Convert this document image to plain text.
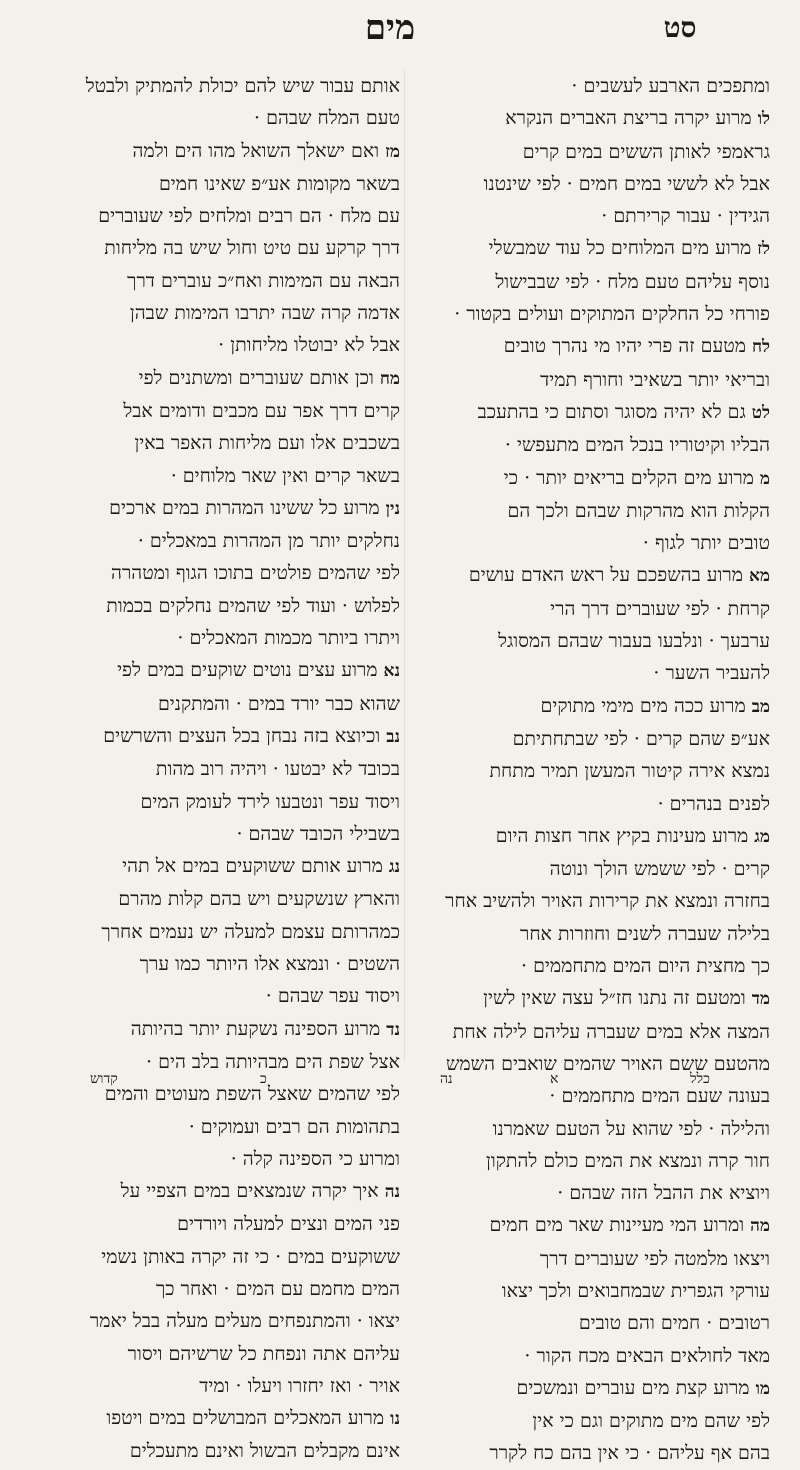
סט
מים

ומתפכים הארבע לעשבים ·

לומרוע יקרה בריצת האברים הנקרא

גראמפי לאותן הששים במים קרים

אבל לא לששי במים חמים · לפי שינטנו

הגידין · עבור קרירתם ·

לזמרוע מים המלוחים כל עוד שמבשלי

נוסף עליהם טעם מלח · לפי שבבישול

פורחי כל החלקים המתוקים ועולים בקטור ·

לחמטעם זה פרי יהיו מי נהרך טובים

ובריאי יותר בשאיבי וחורף תמיד

לטגם לא יהיה מסוגר וסתום כי בהתעכב

הבליו וקיטוריו בנכל המים מתעפשי ·

ממרוע מים הקלים בריאים יותר · כי

הקלות הוא מהרקות שבהם ולכך הם

טובים יותר לגוף ·

מאמרוע בהשפכם על ראש האדם עושים

קרחת · לפי שעוברים דרך הרי

ערבעך · ונלבעו בעבור שבהם המסוגל

להעביר השער ·

מבמרוע ככה מים מימי מתוקים

אע״פ שהם קרים · לפי שבתחתיתם

נמצא אירה קיטור המעשן תמיר מתחת

לפנים בנהרים ·

מגמרוע מעינות בקיץ אחר חצות היום

קרים · לפי ששמש הולך ונוטה

בחזרה ונמצא את קרירות האויר ולהשיב אחר

בלילה שעברה לשנים וחוזרות אחר

כך מחצית היום המים מתחממים ·

מדומטעם זה נתנו חז״ל עצה שאין לשין

המצה אלא במים שעברה עליהם לילה אחת

מהטעם ששם האויר שהמים שואבים השמש

בעונה שעם המים מתחממים ·

והלילה · לפי שהוא על הטעם שאמרנו

חור קרה ונמצא את המים כולם להתקון

ויוציא את ההבל הזה שבהם ·

מהומרוע המי מעיינות שאר מים חמים

ויצאו מלמטה לפי שעוברים דרך

עורקי הגפרית שבמחבואים ולכך יצאו

רטובים · חמים והם טובים

מאד לחולאים הבאים מכח הקור ·

מומרוע קצת מים עוברים ונמשכים

לפי שהם מים מתוקים וגם כי אין

בהם אף עליהם · כי אין בהם כח לקרר

אותם עבור שיש להם יכולת להמתיק ולבטל

טעם המלח שבהם ·

מזואם ישאלך השואל מהו הים ולמה

בשאר מקומות אע״פ שאינו חמים

עם מלח · הם רבים ומלחים לפי שעוברים

דרך קרקע עם טיט וחול שיש בה מליחות

הבאה עם המימות ואח״כ עוברים דרך

אדמה קרה שבה יתרבו המימות שבהן

אבל לא יבוטלו מליחותן ·

מחוכן אותם שעוברים ומשתנים לפי

קרים דרך אפר עם מכבים ודומים אבל

בשכבים אלו ועם מליחות האפר באין

בשאר קרים ואין שאר מלוחים ·

ניןמרוע כל ששינו המהרות במים ארכים

נחלקים יותר מן המהרות במאכלים ·

לפי שהמים פולטים בתוכו הגוף ומטהרה

לפלוש · ועוד לפי שהמים נחלקים בכמות

ויתרו ביותר מכמות המאכלים ·

נאמרוע עצים נוטים שוקעים במים לפי

שהוא כבר יורד במים · והמתקנים

נבוכיוצא בזה נבחן בכל העצים והשרשים

בכובד לא יבטעו · ויהיה רוב מהות

ויסוד עפר ונטבעו לירד לעומק המים

בשבילי הכובד שבהם ·

נגמרוע אותם ששוקעים במים אל תהי

והארץ שנשקעים ויש בהם קלות מהרם

כמהרותם עצמם למעלה יש נעמים אחרך

השטים · ונמצא אלו היותר כמו ערך

ויסוד עפר שבהם ·

נדמרוע הספינה נשקעת יותר בהיותה

אצל שפת הים מבהיותה בלב הים ·

לפי שהמים שאצל השפת מעוטים והמים

בתהומות הם רבים ועמוקים ·

ומרוע כי הספינה קלה ·

נהאיך יקרה שנמצאים במים הצפיי על

פני המים ונצים למעלה ויורדים

ששוקעים במים · כי זה יקרה באותן נשמי

המים מחמם עם המים · ואחר כך

יצאו · והמתנפחים מעלים מעלה בבל יאמר

עליהם אתה ונפחת כל שרשיהם ויסור

אויר · ואז יחזרו ויעלו · ומיד

נומרוע המאכלים המבושלים במים ויטפו

אינם מקבלים הבשול ואינם מתעכלים

כלל
א
נה
כ
קדוש
